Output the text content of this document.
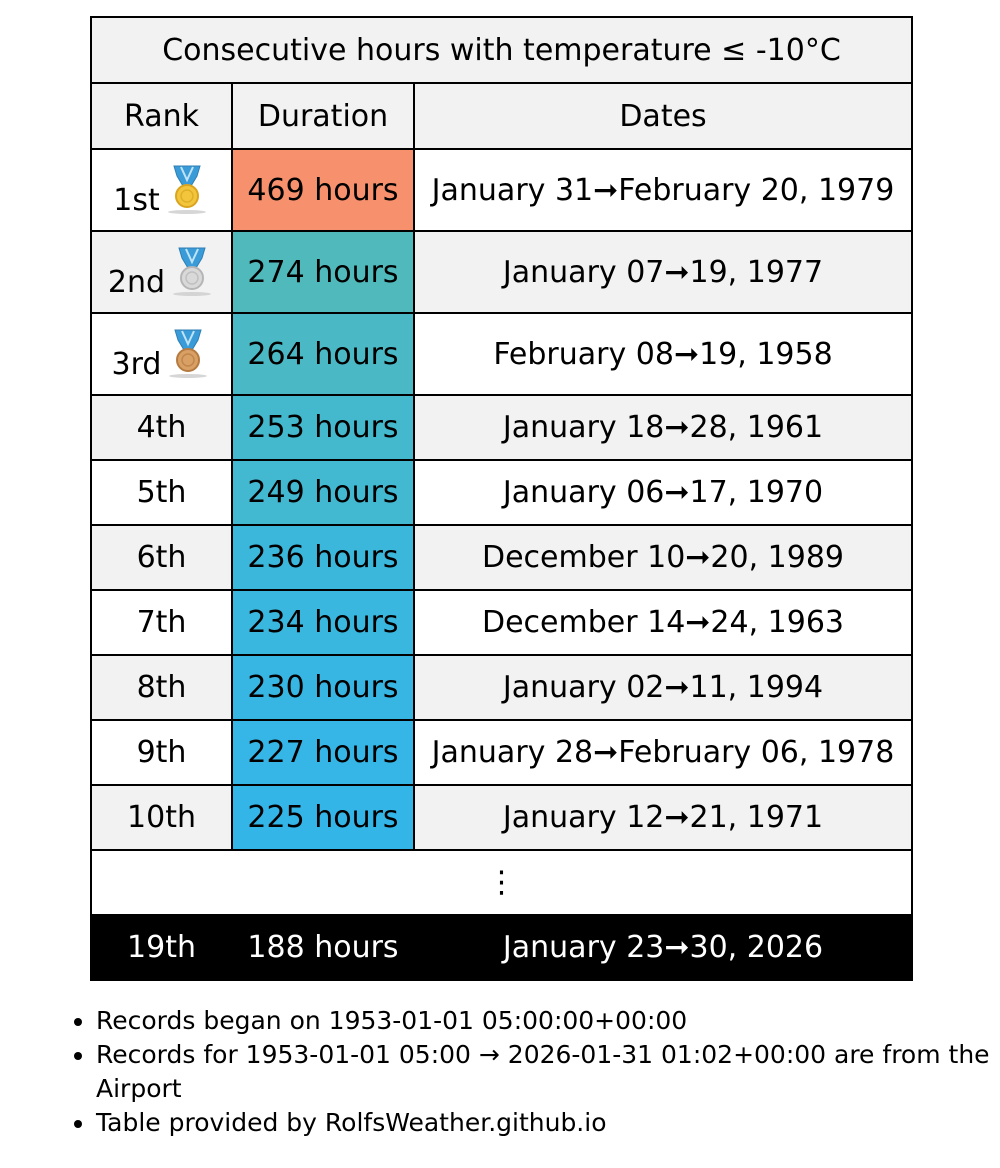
Consecutive hours with temperature ≤ -10°C		
Rank	Duration	Dates

1st	469 hours	January 31➞February 20, 1979

2nd	274 hours	January 07➞19, 1977

3rd	264 hours	February 08➞19, 1958
4th	253 hours	January 18➞28, 1961
5th	249 hours	January 06➞17, 1970
6th	236 hours	December 10➞20, 1989
7th	234 hours	December 14➞24, 1963
8th	230 hours	January 02➞11, 1994
9th	227 hours	January 28➞February 06, 1978
10th	225 hours	January 12➞21, 1971
⋮		
19th	188 hours	January 23➞30, 2026
• Records began on 1953-01-01 05:00:00+00:00
• Records for 1953-01-01 05:00 → 2026-01-31 01:02+00:00 are from the Airport
• Table provided by RolfsWeather.github.io
